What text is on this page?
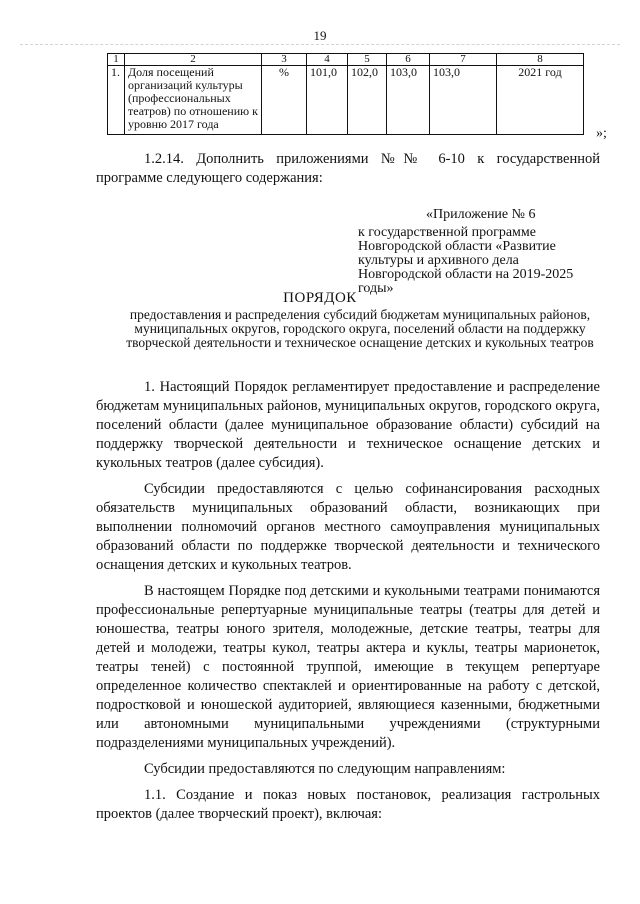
19
1	2	3	4	5	6	7	8
1.	Доля посещений организаций культуры (профессиональных театров) по отношению к уровню 2017 года	%	101,0	102,0	103,0	103,0	2021 год
»;
1.2.14. Дополнить приложениями №№ 6-10 к государственной программе следующего содержания:
«Приложение № 6
к государственной программе Новгородской области «Развитие культуры и архивного дела Новгородской области на 2019-2025 годы»
ПОРЯДОК
предоставления и распределения субсидий бюджетам муниципальных районов, муниципальных округов, городского округа, поселений области на поддержку творческой деятельности и техническое оснащение детских и кукольных театров

1. Настоящий Порядок регламентирует предоставление и распределение бюджетам муниципальных районов, муниципальных округов, городского округа, поселений области (далее муниципальное образование области) субсидий на поддержку творческой деятельности и техническое оснащение детских и кукольных театров (далее субсидия).

Субсидии предоставляются с целью софинансирования расходных обязательств муниципальных образований области, возникающих при выполнении полномочий органов местного самоуправления муниципальных образований области по поддержке творческой деятельности и технического оснащения детских и кукольных театров.

В настоящем Порядке под детскими и кукольными театрами понимаются профессиональные репертуарные муниципальные театры (театры для детей и юношества, театры юного зрителя, молодежные, детские театры, театры для детей и молодежи, театры кукол, театры актера и куклы, театры марионеток, театры теней) с постоянной труппой, имеющие в текущем репертуаре определенное количество спектаклей и ориентированные на работу с детской, подростковой и юношеской аудиторией, являющиеся казенными, бюджетными или автономными муниципальными учреждениями (структурными подразделениями муниципальных учреждений).

Субсидии предоставляются по следующим направлениям:

1.1. Создание и показ новых постановок, реализация гастрольных проектов (далее творческий проект), включая:
